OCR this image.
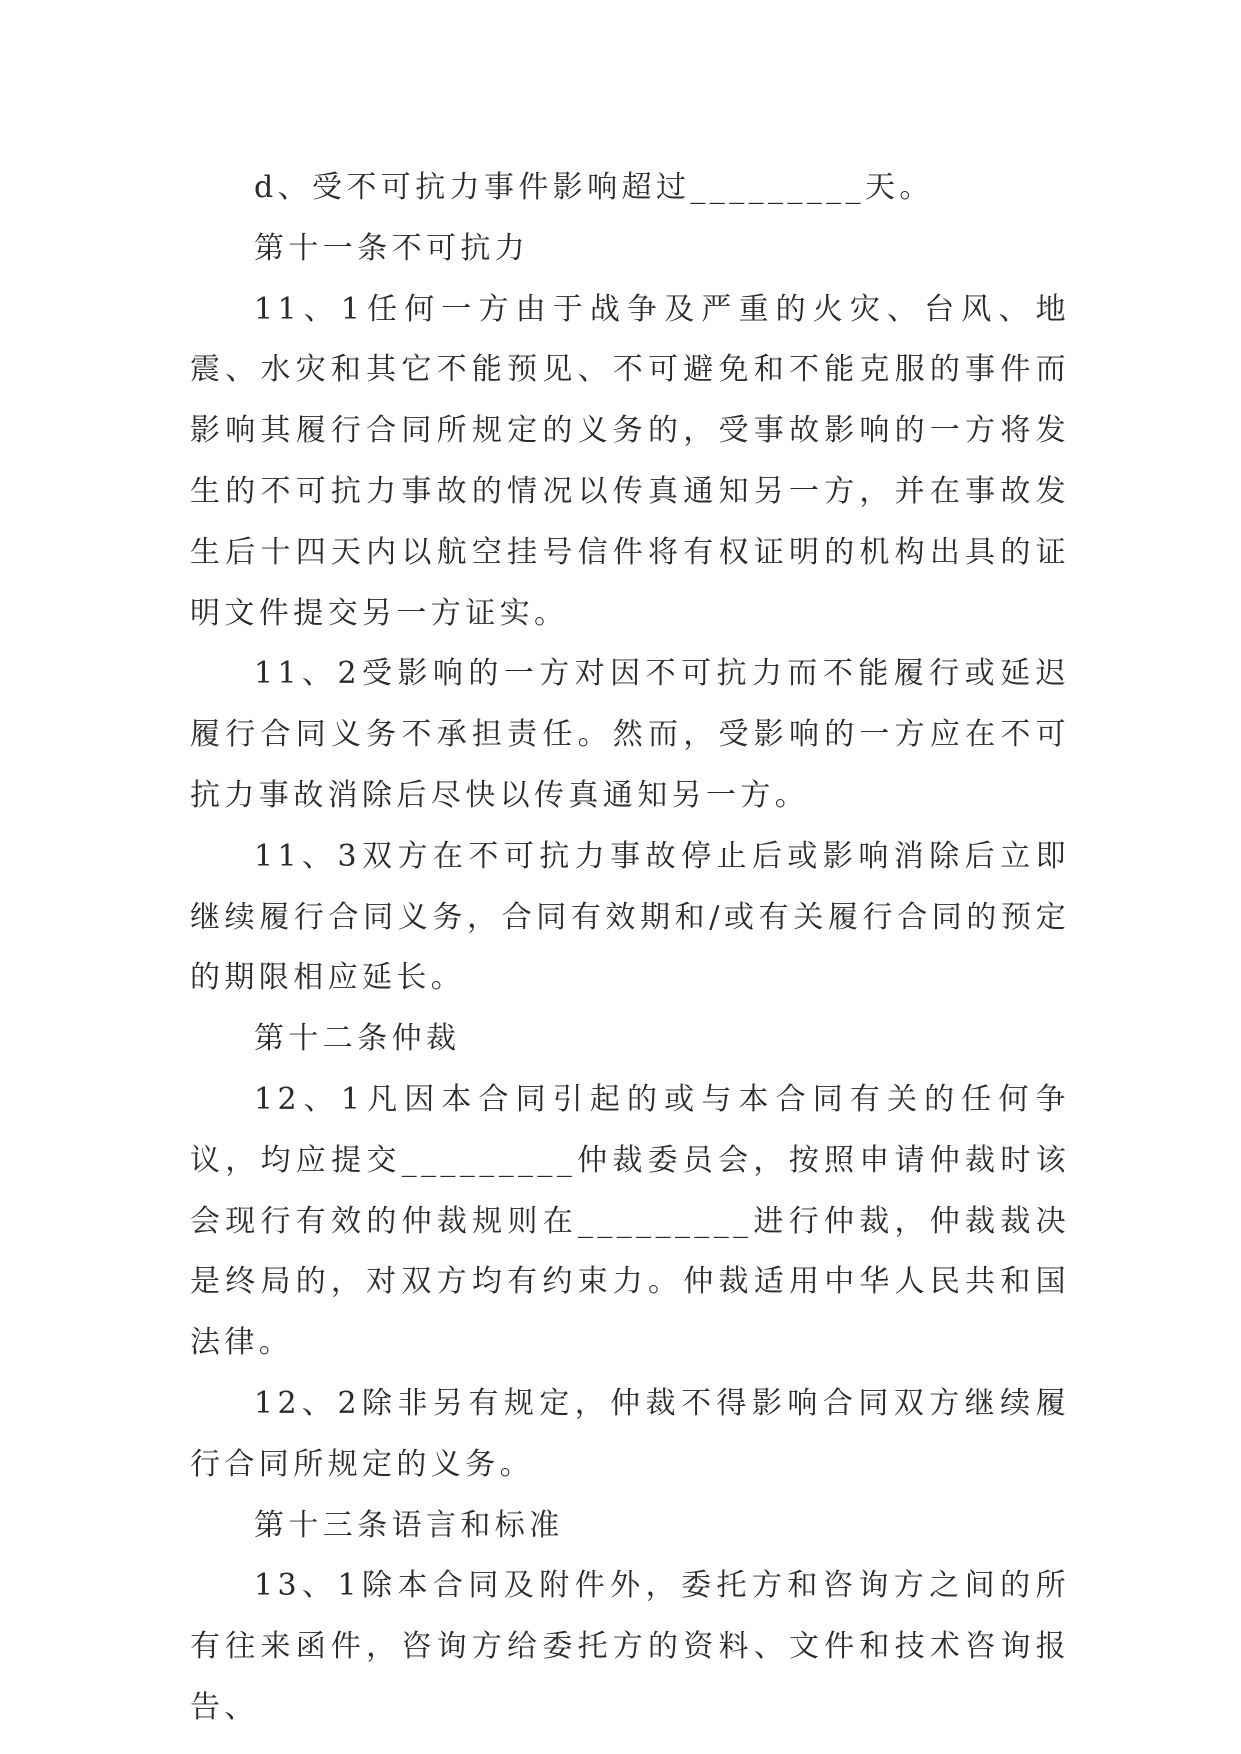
d、受不可抗力事件影响超过_________天。

第十一条不可抗力

11、1任何一方由于战争及严重的火灾、台风、地震、水灾和其它不能预见、不可避免和不能克服的事件而影响其履行合同所规定的义务的，受事故影响的一方将发生的不可抗力事故的情况以传真通知另一方，并在事故发生后十四天内以航空挂号信件将有权证明的机构出具的证明文件提交另一方证实。

11、2受影响的一方对因不可抗力而不能履行或延迟履行合同义务不承担责任。然而，受影响的一方应在不可抗力事故消除后尽快以传真通知另一方。

11、3双方在不可抗力事故停止后或影响消除后立即继续履行合同义务，合同有效期和/或有关履行合同的预定的期限相应延长。

第十二条仲裁

12、1凡因本合同引起的或与本合同有关的任何争议，均应提交_________仲裁委员会，按照申请仲裁时该会现行有效的仲裁规则在_________进行仲裁，仲裁裁决是终局的，对双方均有约束力。仲裁适用中华人民共和国法律。

12、2除非另有规定，仲裁不得影响合同双方继续履行合同所规定的义务。

第十三条语言和标准

13、1除本合同及附件外，委托方和咨询方之间的所有往来函件，咨询方给委托方的资料、文件和技术咨询报告、
